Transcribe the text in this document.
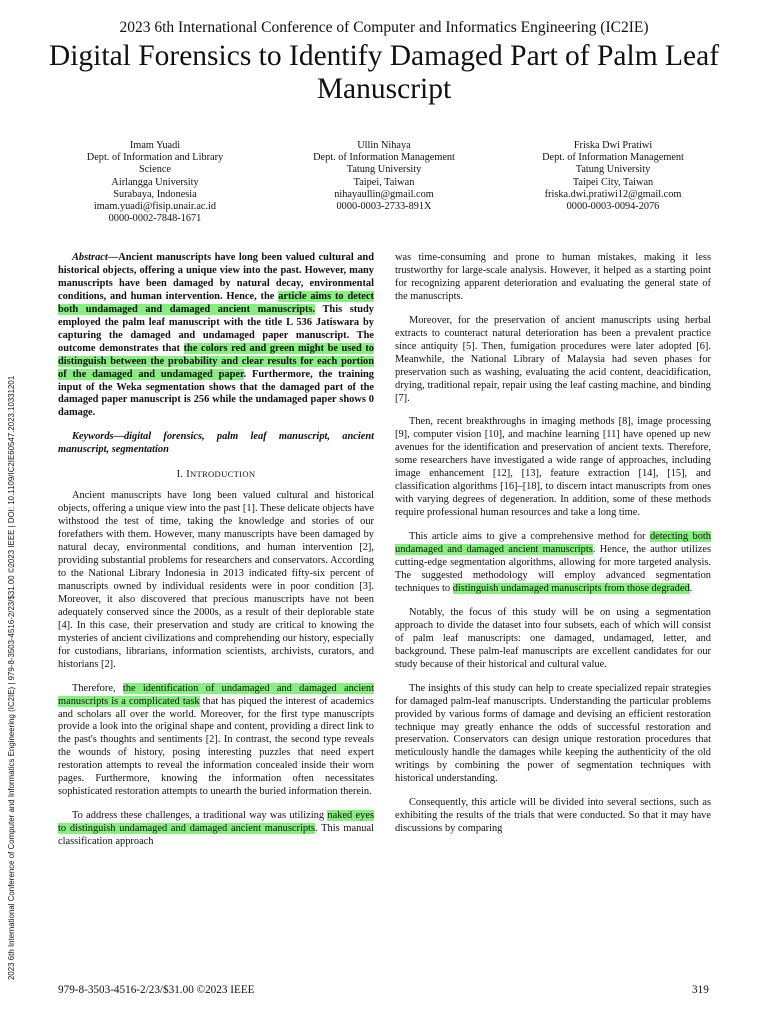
2023 6th International Conference of Computer and Informatics Engineering (IC2IE)
Digital Forensics to Identify Damaged Part of Palm Leaf Manuscript
Imam Yuadi
Dept. of Information and Library
Science
Airlangga University
Surabaya, Indonesia
imam.yuadi@fisip.unair.ac.id
0000-0002-7848-1671
Ullin Nihaya
Dept. of Information Management
Tatung University
Taipei, Taiwan
nihayaullin@gmail.com
0000-0003-2733-891X
Friska Dwi Pratiwi
Dept. of Information Management
Tatung University
Taipei City, Taiwan
friska.dwi.pratiwi12@gmail.com
0000-0003-0094-2076
2023 6th International Conference of Computer and Informatics Engineering (IC2IE) | 979-8-3503-4516-2/23/$31.00 ©2023 IEEE | DOI: 10.1109/IC2IE60547.2023.10331201

Abstract—Ancient manuscripts have long been valued cultural and historical objects, offering a unique view into the past. However, many manuscripts have been damaged by natural decay, environmental conditions, and human intervention. Hence, the article aims to detect both undamaged and damaged ancient manuscripts. This study employed the palm leaf manuscript with the title L 536 Jatiswara by capturing the damaged and undamaged paper manuscript. The outcome demonstrates that the colors red and green might be used to distinguish between the probability and clear results for each portion of the damaged and undamaged paper. Furthermore, the training input of the Weka segmentation shows that the damaged part of the damaged paper manuscript is 256 while the undamaged paper shows 0 damage.

Keywords—digital forensics, palm leaf manuscript, ancient manuscript, segmentation

I. INTRODUCTION

Ancient manuscripts have long been valued cultural and historical objects, offering a unique view into the past [1]. These delicate objects have withstood the test of time, taking the knowledge and stories of our forefathers with them. However, many manuscripts have been damaged by natural decay, environmental conditions, and human intervention [2], providing substantial problems for researchers and conservators. According to the National Library Indonesia in 2013 indicated fifty-six percent of manuscripts owned by individual residents were in poor condition [3]. Moreover, it also discovered that precious manuscripts have not been adequately conserved since the 2000s, as a result of their deplorable state [4]. In this case, their preservation and study are critical to knowing the mysteries of ancient civilizations and comprehending our history, especially for custodians, librarians, information scientists, archivists, curators, and historians [2].

Therefore, the identification of undamaged and damaged ancient manuscripts is a complicated task that has piqued the interest of academics and scholars all over the world. Moreover, for the first type manuscripts provide a look into the original shape and content, providing a direct link to the past's thoughts and sentiments [2]. In contrast, the second type reveals the wounds of history, posing interesting puzzles that need expert restoration attempts to reveal the information concealed inside their worn pages. Furthermore, knowing the information often necessitates sophisticated restoration attempts to unearth the buried information therein.

To address these challenges, a traditional way was utilizing naked eyes to distinguish undamaged and damaged ancient manuscripts. This manual classification approach

was time-consuming and prone to human mistakes, making it less trustworthy for large-scale analysis. However, it helped as a starting point for recognizing apparent deterioration and evaluating the general state of the manuscripts.

Moreover, for the preservation of ancient manuscripts using herbal extracts to counteract natural deterioration has been a prevalent practice since antiquity [5]. Then, fumigation procedures were later adopted [6]. Meanwhile, the National Library of Malaysia had seven phases for preservation such as washing, evaluating the acid content, deacidification, drying, traditional repair, repair using the leaf casting machine, and binding [7].

Then, recent breakthroughs in imaging methods [8], image processing [9], computer vision [10], and machine learning [11] have opened up new avenues for the identification and preservation of ancient texts. Therefore, some researchers have investigated a wide range of approaches, including image enhancement [12], [13], feature extraction [14], [15], and classification algorithms [16]–[18], to discern intact manuscripts from ones with varying degrees of degeneration. In addition, some of these methods require professional human resources and take a long time.

This article aims to give a comprehensive method for detecting both undamaged and damaged ancient manuscripts. Hence, the author utilizes cutting-edge segmentation algorithms, allowing for more targeted analysis. The suggested methodology will employ advanced segmentation techniques to distinguish undamaged manuscripts from those degraded.

Notably, the focus of this study will be on using a segmentation approach to divide the dataset into four subsets, each of which will consist of palm leaf manuscripts: one damaged, undamaged, letter, and background. These palm-leaf manuscripts are excellent candidates for our study because of their historical and cultural value.

The insights of this study can help to create specialized repair strategies for damaged palm-leaf manuscripts. Understanding the particular problems provided by various forms of damage and devising an efficient restoration technique may greatly enhance the odds of successful restoration and preservation. Conservators can design unique restoration procedures that meticulously handle the damages while keeping the authenticity of the old writings by combining the power of segmentation techniques with historical understanding.

Consequently, this article will be divided into several sections, such as exhibiting the results of the trials that were conducted. So that it may have discussions by comparing

979-8-3503-4516-2/23/$31.00 ©2023 IEEE	319
